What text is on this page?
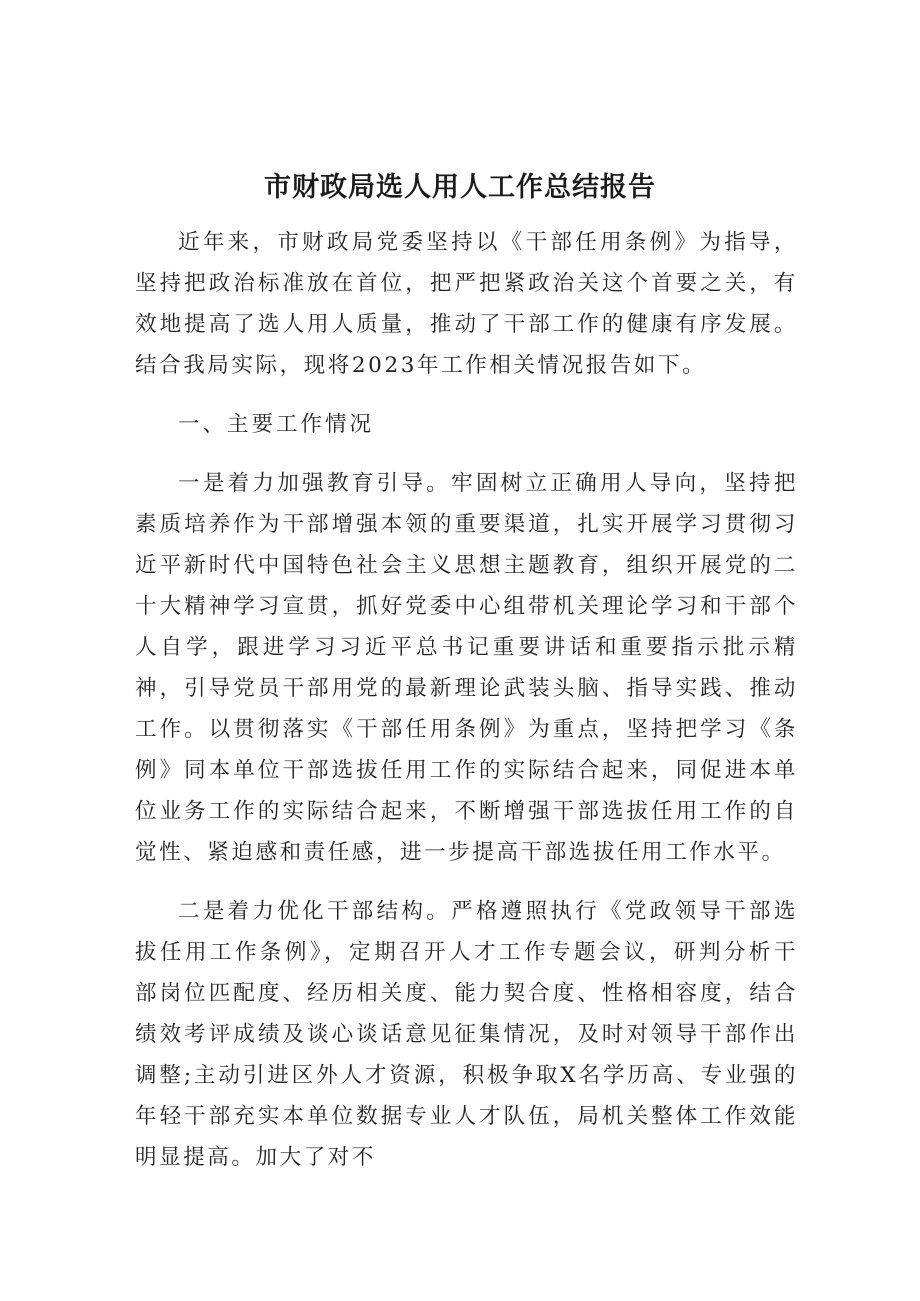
市财政局选人用人工作总结报告

近年来，市财政局党委坚持以《干部任用条例》为指导，坚持把政治标准放在首位，把严把紧政治关这个首要之关，有效地提高了选人用人质量，推动了干部工作的健康有序发展。结合我局实际，现将2023年工作相关情况报告如下。

一、主要工作情况

一是着力加强教育引导。牢固树立正确用人导向，坚持把素质培养作为干部增强本领的重要渠道，扎实开展学习贯彻习近平新时代中国特色社会主义思想主题教育，组织开展党的二十大精神学习宣贯，抓好党委中心组带机关理论学习和干部个人自学，跟进学习习近平总书记重要讲话和重要指示批示精神，引导党员干部用党的最新理论武装头脑、指导实践、推动工作。以贯彻落实《干部任用条例》为重点，坚持把学习《条例》同本单位干部选拔任用工作的实际结合起来，同促进本单位业务工作的实际结合起来，不断增强干部选拔任用工作的自觉性、紧迫感和责任感，进一步提高干部选拔任用工作水平。

二是着力优化干部结构。严格遵照执行《党政领导干部选拔任用工作条例》，定期召开人才工作专题会议，研判分析干部岗位匹配度、经历相关度、能力契合度、性格相容度，结合绩效考评成绩及谈心谈话意见征集情况，及时对领导干部作出调整;主动引进区外人才资源，积极争取X名学历高、专业强的年轻干部充实本单位数据专业人才队伍，局机关整体工作效能明显提高。加大了对不
